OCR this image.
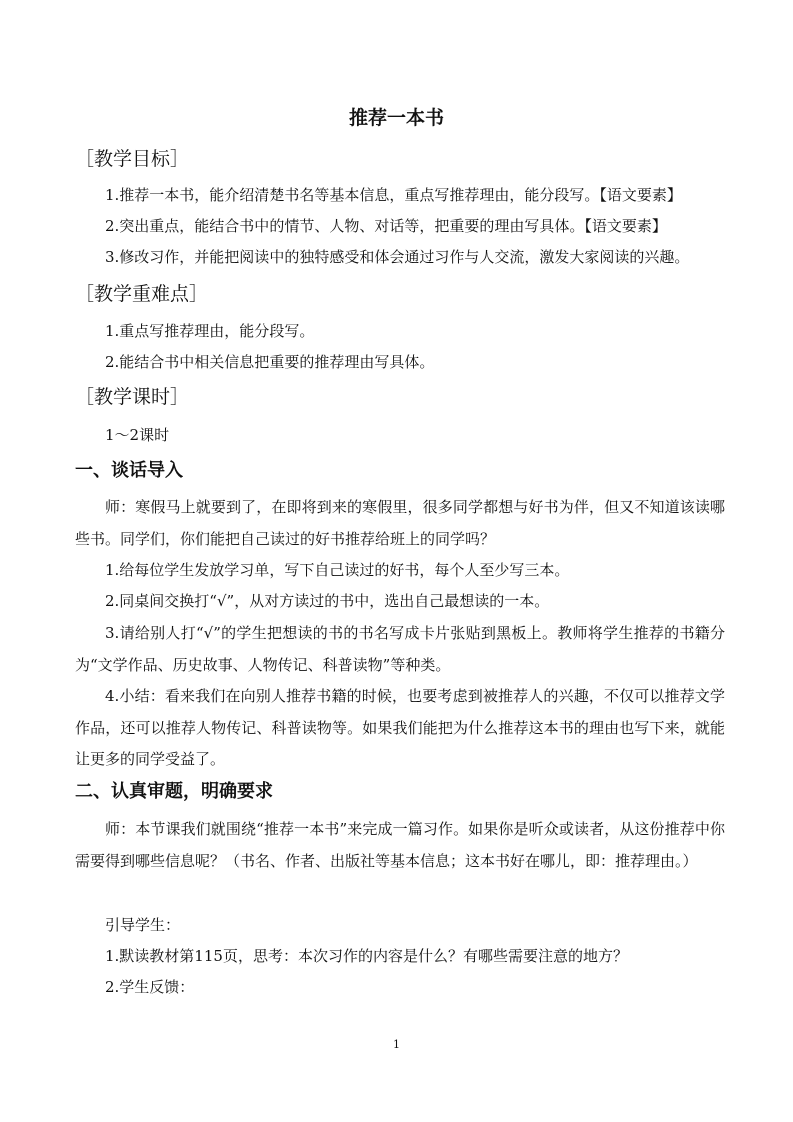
推荐一本书
［教学目标］

1.推荐一本书，能介绍清楚书名等基本信息，重点写推荐理由，能分段写。【语文要素】

2.突出重点，能结合书中的情节、人物、对话等，把重要的理由写具体。【语文要素】

3.修改习作，并能把阅读中的独特感受和体会通过习作与人交流，激发大家阅读的兴趣。

［教学重难点］

1.重点写推荐理由，能分段写。

2.能结合书中相关信息把重要的推荐理由写具体。

［教学课时］

1～2课时

一、谈话导入

师：寒假马上就要到了，在即将到来的寒假里，很多同学都想与好书为伴，但又不知道该读哪些书。同学们，你们能把自己读过的好书推荐给班上的同学吗？

1.给每位学生发放学习单，写下自己读过的好书，每个人至少写三本。

2.同桌间交换打“√”，从对方读过的书中，选出自己最想读的一本。

3.请给别人打“√”的学生把想读的书的书名写成卡片张贴到黑板上。教师将学生推荐的书籍分为“文学作品、历史故事、人物传记、科普读物”等种类。

4.小结：看来我们在向别人推荐书籍的时候，也要考虑到被推荐人的兴趣，不仅可以推荐文学作品，还可以推荐人物传记、科普读物等。如果我们能把为什么推荐这本书的理由也写下来，就能让更多的同学受益了。

二、认真审题，明确要求

师：本节课我们就围绕“推荐一本书”来完成一篇习作。如果你是听众或读者，从这份推荐中你需要得到哪些信息呢？（书名、作者、出版社等基本信息；这本书好在哪儿，即：推荐理由。）

引导学生：

1.默读教材第115页，思考：本次习作的内容是什么？有哪些需要注意的地方？

2.学生反馈：

1
